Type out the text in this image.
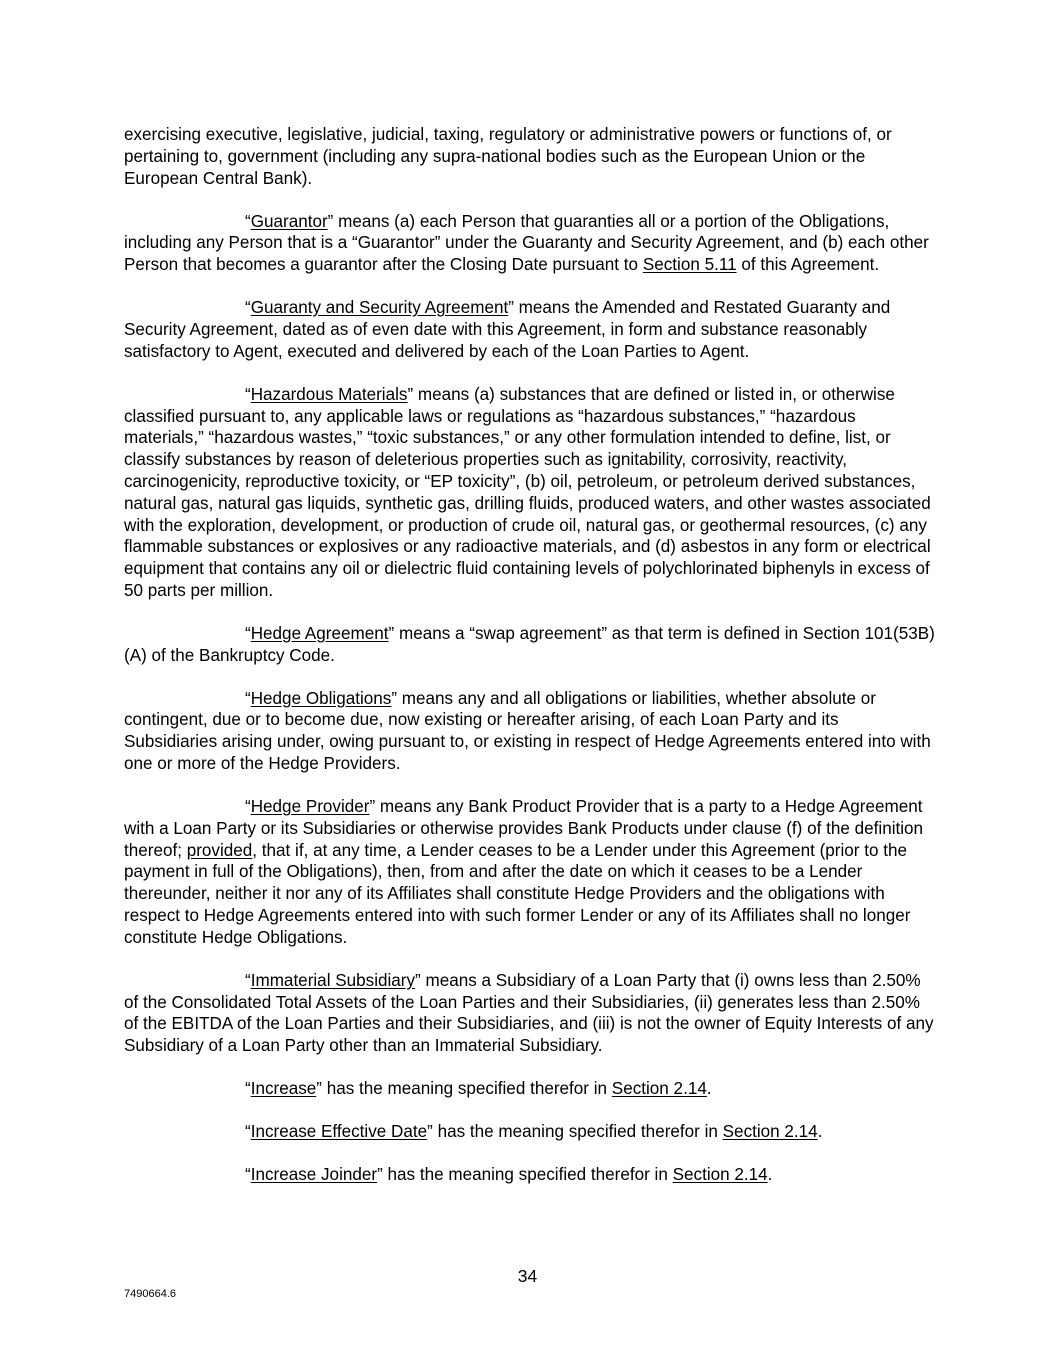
exercising executive, legislative, judicial, taxing, regulatory or administrative powers or functions of, or pertaining to, government (including any supra-national bodies such as the European Union or the European Central Bank).

“Guarantor” means (a) each Person that guaranties all or a portion of the Obligations, including any Person that is a “Guarantor” under the Guaranty and Security Agreement, and (b) each other Person that becomes a guarantor after the Closing Date pursuant to Section 5.11 of this Agreement.

“Guaranty and Security Agreement” means the Amended and Restated Guaranty and Security Agreement, dated as of even date with this Agreement, in form and substance reasonably satisfactory to Agent, executed and delivered by each of the Loan Parties to Agent.

“Hazardous Materials” means (a) substances that are defined or listed in, or otherwise classified pursuant to, any applicable laws or regulations as “hazardous substances,” “hazardous materials,” “hazardous wastes,” “toxic substances,” or any other formulation intended to define, list, or classify substances by reason of deleterious properties such as ignitability, corrosivity, reactivity, carcinogenicity, reproductive toxicity, or “EP toxicity”, (b) oil, petroleum, or petroleum derived substances, natural gas, natural gas liquids, synthetic gas, drilling fluids, produced waters, and other wastes associated with the exploration, development, or production of crude oil, natural gas, or geothermal resources, (c) any flammable substances or explosives or any radioactive materials, and (d) asbestos in any form or electrical equipment that contains any oil or dielectric fluid containing levels of polychlorinated biphenyls in excess of 50 parts per million.

“Hedge Agreement” means a “swap agreement” as that term is defined in Section 101(53B)(A) of the Bankruptcy Code.

“Hedge Obligations” means any and all obligations or liabilities, whether absolute or contingent, due or to become due, now existing or hereafter arising, of each Loan Party and its Subsidiaries arising under, owing pursuant to, or existing in respect of Hedge Agreements entered into with one or more of the Hedge Providers.

“Hedge Provider” means any Bank Product Provider that is a party to a Hedge Agreement with a Loan Party or its Subsidiaries or otherwise provides Bank Products under clause (f) of the definition thereof; provided, that if, at any time, a Lender ceases to be a Lender under this Agreement (prior to the payment in full of the Obligations), then, from and after the date on which it ceases to be a Lender thereunder, neither it nor any of its Affiliates shall constitute Hedge Providers and the obligations with respect to Hedge Agreements entered into with such former Lender or any of its Affiliates shall no longer constitute Hedge Obligations.

“Immaterial Subsidiary” means a Subsidiary of a Loan Party that (i) owns less than 2.50% of the Consolidated Total Assets of the Loan Parties and their Subsidiaries, (ii) generates less than 2.50% of the EBITDA of the Loan Parties and their Subsidiaries, and (iii) is not the owner of Equity Interests of any Subsidiary of a Loan Party other than an Immaterial Subsidiary.

“Increase” has the meaning specified therefor in Section 2.14.

“Increase Effective Date” has the meaning specified therefor in Section 2.14.

“Increase Joinder” has the meaning specified therefor in Section 2.14.

34
7490664.6
